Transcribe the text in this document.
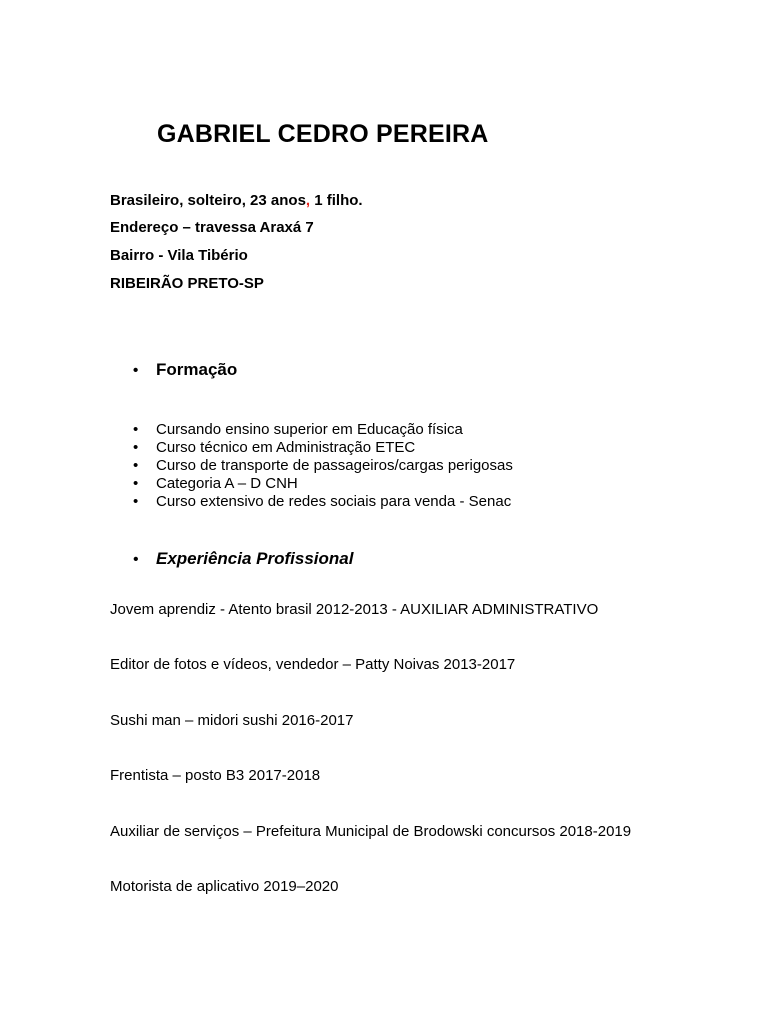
GABRIEL CEDRO PEREIRA
Brasileiro, solteiro, 23 anos, 1 filho.
Endereço – travessa Araxá 7
Bairro - Vila Tibério
RIBEIRÃO PRETO-SP
• Formação
• Cursando ensino superior em Educação física
• Curso técnico em Administração ETEC
• Curso de transporte de passageiros/cargas perigosas
• Categoria A – D CNH
• Curso extensivo de redes sociais para venda - Senac
• Experiência Profissional
Jovem aprendiz - Atento brasil 2012-2013 - AUXILIAR ADMINISTRATIVO
Editor de fotos e vídeos, vendedor – Patty Noivas 2013-2017
Sushi man – midori sushi 2016-2017
Frentista – posto B3 2017-2018
Auxiliar de serviços – Prefeitura Municipal de Brodowski concursos 2018-2019
Motorista de aplicativo 2019–2020
